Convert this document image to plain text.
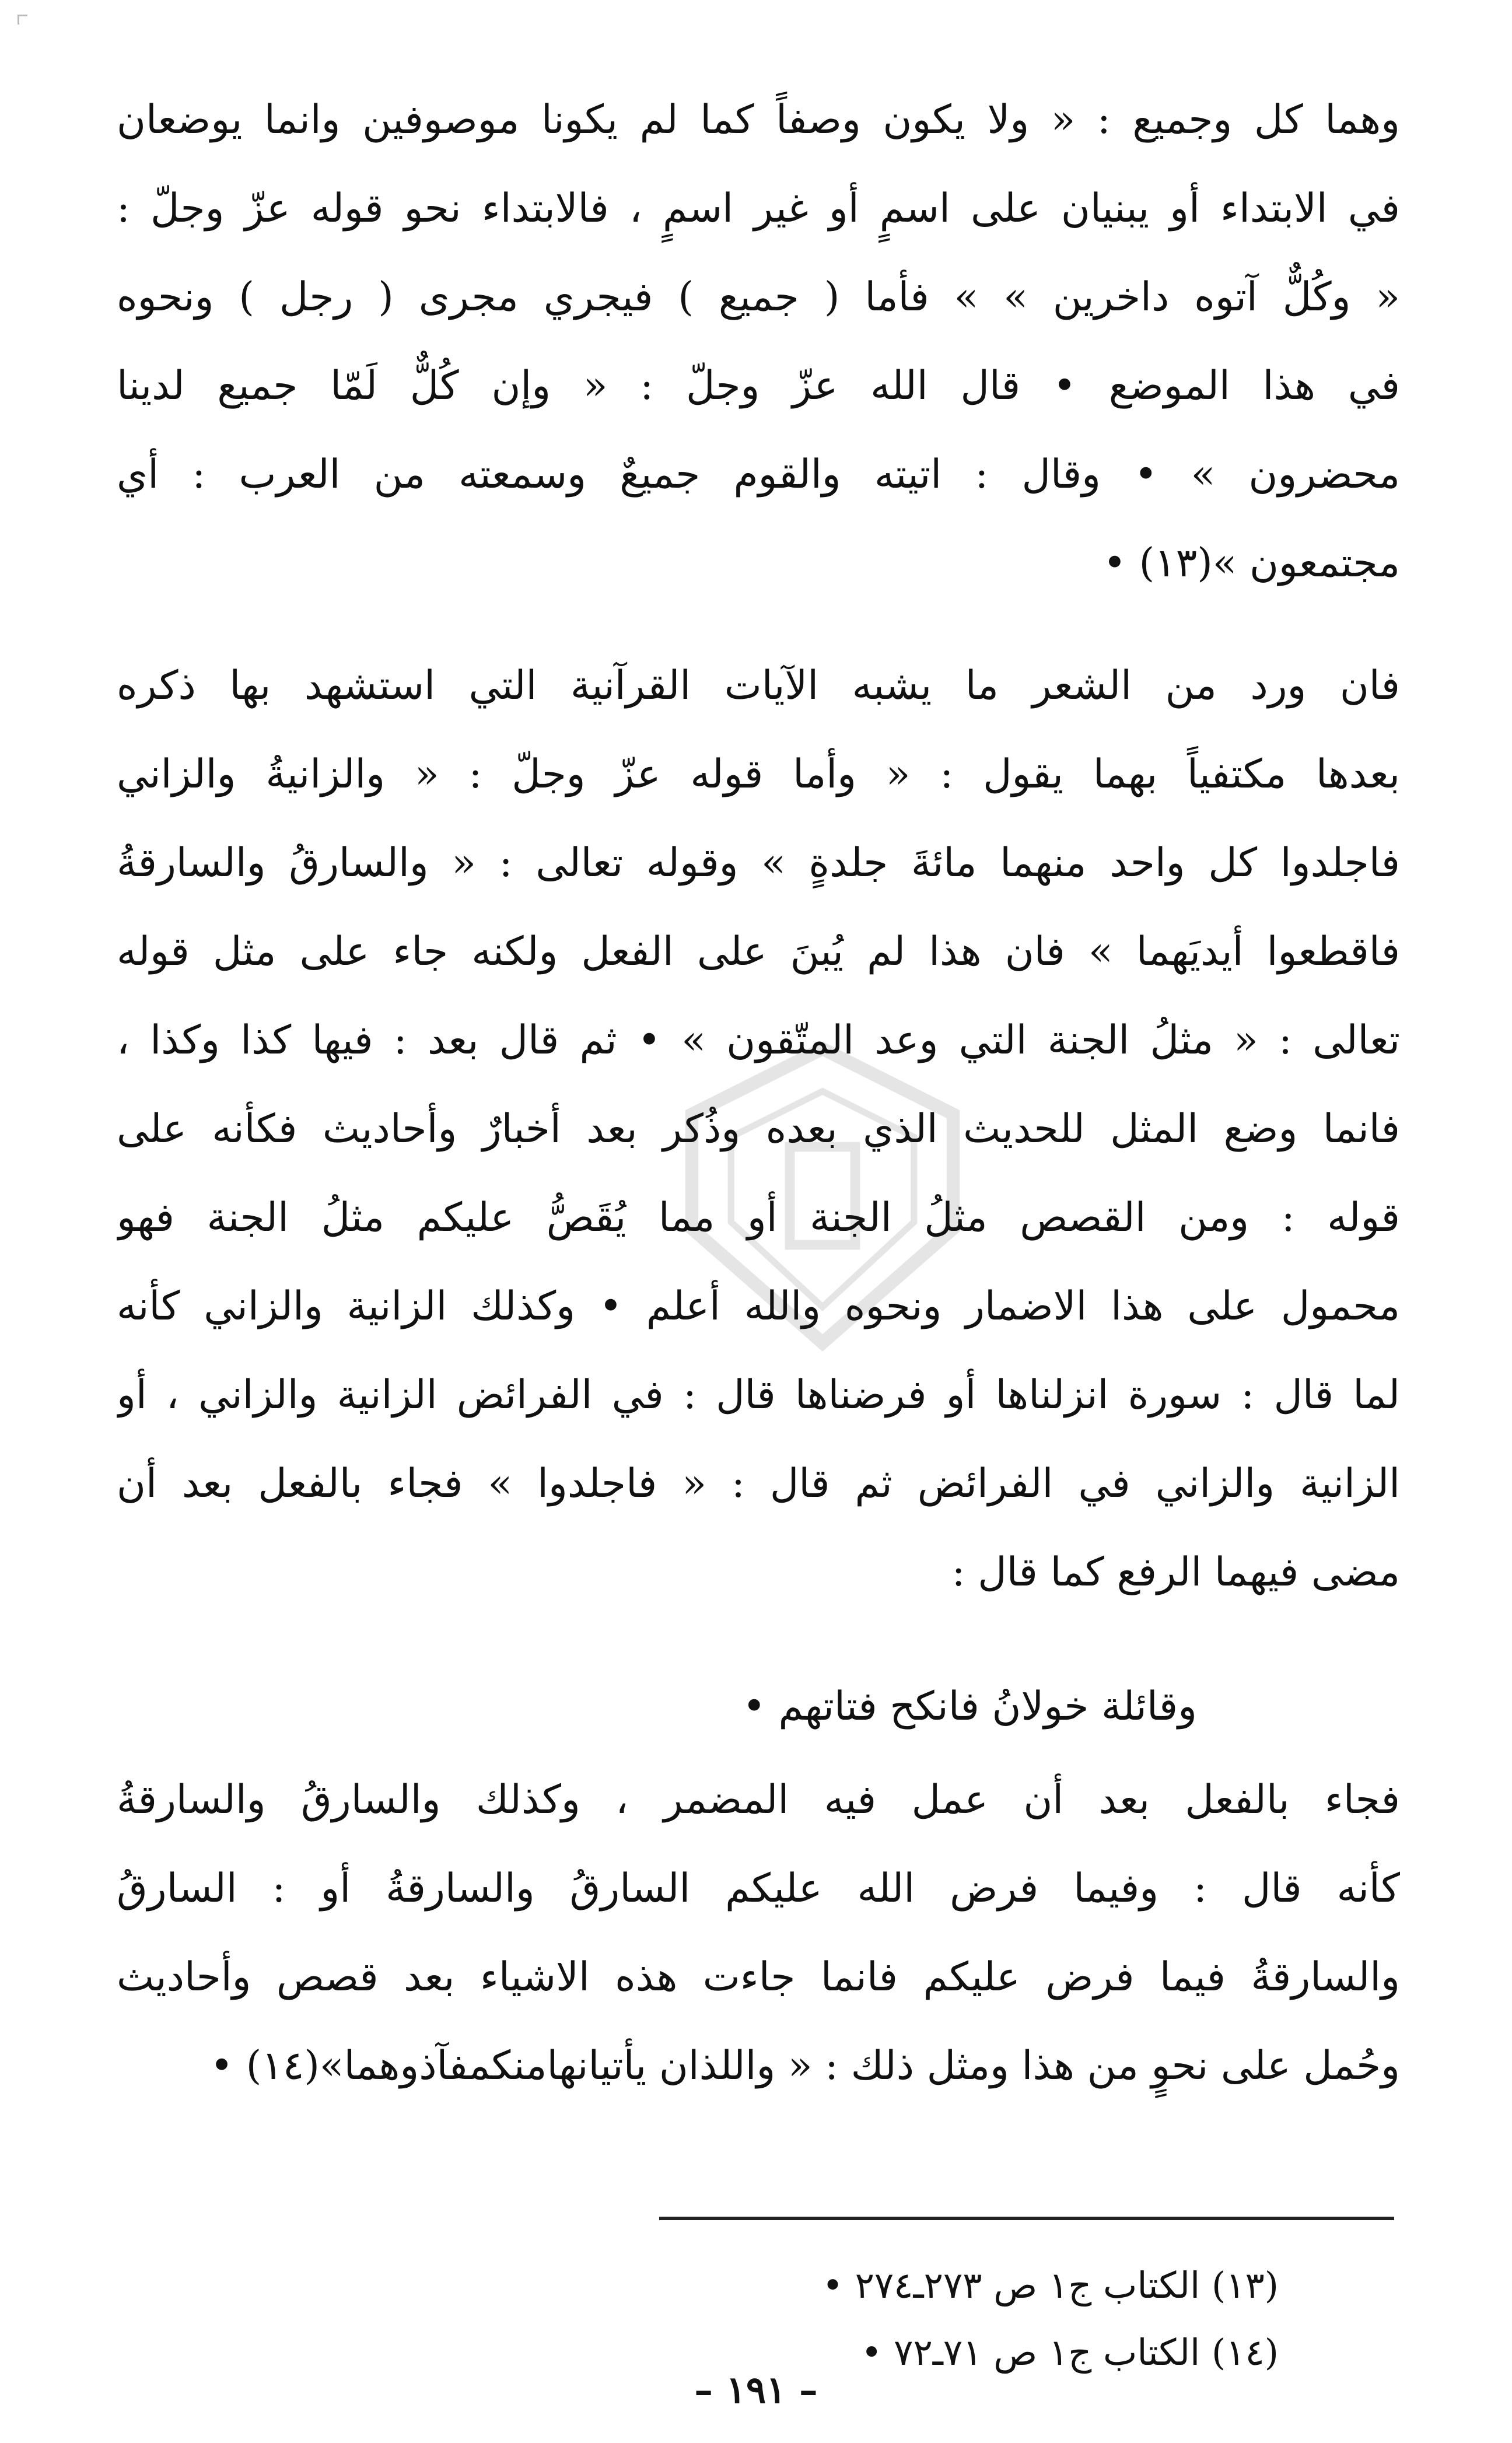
وهما كل وجميع : « ولا يكون وصفاً كما لم يكونا موصوفين وانما يوضعان
في الابتداء أو يبنيان على اسمٍ أو غير اسمٍ ، فالابتداء نحو قوله عزّ وجلّ :
« وكُلٌّ آتوه داخرين » » فأما ( جميع ) فيجري مجرى ( رجل ) ونحوه
في هذا الموضع • قال الله عزّ وجلّ : « وإن كُلٌّ لَمّا جميع لدينا
محضرون » • وقال : اتيته والقوم جميعٌ وسمعته من العرب : أي
مجتمعون »(١٣) •
فان ورد من الشعر ما يشبه الآيات القرآنية التي استشهد بها ذكره
بعدها مكتفياً بهما يقول : « وأما قوله عزّ وجلّ : « والزانيةُ والزاني
فاجلدوا كل واحد منهما مائةَ جلدةٍ » وقوله تعالى : « والسارقُ والسارقةُ
فاقطعوا أيديَهما » فان هذا لم يُبنَ على الفعل ولكنه جاء على مثل قوله
تعالى : « مثلُ الجنة التي وعد المتّقون » • ثم قال بعد : فيها كذا وكذا ،
فانما وضع المثل للحديث الذي بعده وذُكر بعد أخبارٌ وأحاديث فكأنه على
قوله : ومن القصص مثلُ الجنة أو مما يُقَصُّ عليكم مثلُ الجنة فهو
محمول على هذا الاضمار ونحوه والله أعلم • وكذلك الزانية والزاني كأنه
لما قال : سورة انزلناها أو فرضناها قال : في الفرائض الزانية والزاني ، أو
الزانية والزاني في الفرائض ثم قال : « فاجلدوا » فجاء بالفعل بعد أن
مضى فيهما الرفع كما قال :
وقائلة خولانُ فانكح فتاتهم •
فجاء بالفعل بعد أن عمل فيه المضمر ، وكذلك والسارقُ والسارقةُ
كأنه قال : وفيما فرض الله عليكم السارقُ والسارقةُ أو : السارقُ
والسارقةُ فيما فرض عليكم فانما جاءت هذه الاشياء بعد قصص وأحاديث
وحُمل على نحوٍ من هذا ومثل ذلك : « واللذان يأتيانهامنكمفآذوهما»(١٤) •
(١٣) الكتاب ج١ ص ٢٧٣ـ٢٧٤ •
(١٤) الكتاب ج١ ص ٧١ـ٧٢ •
– ١٩١ –
